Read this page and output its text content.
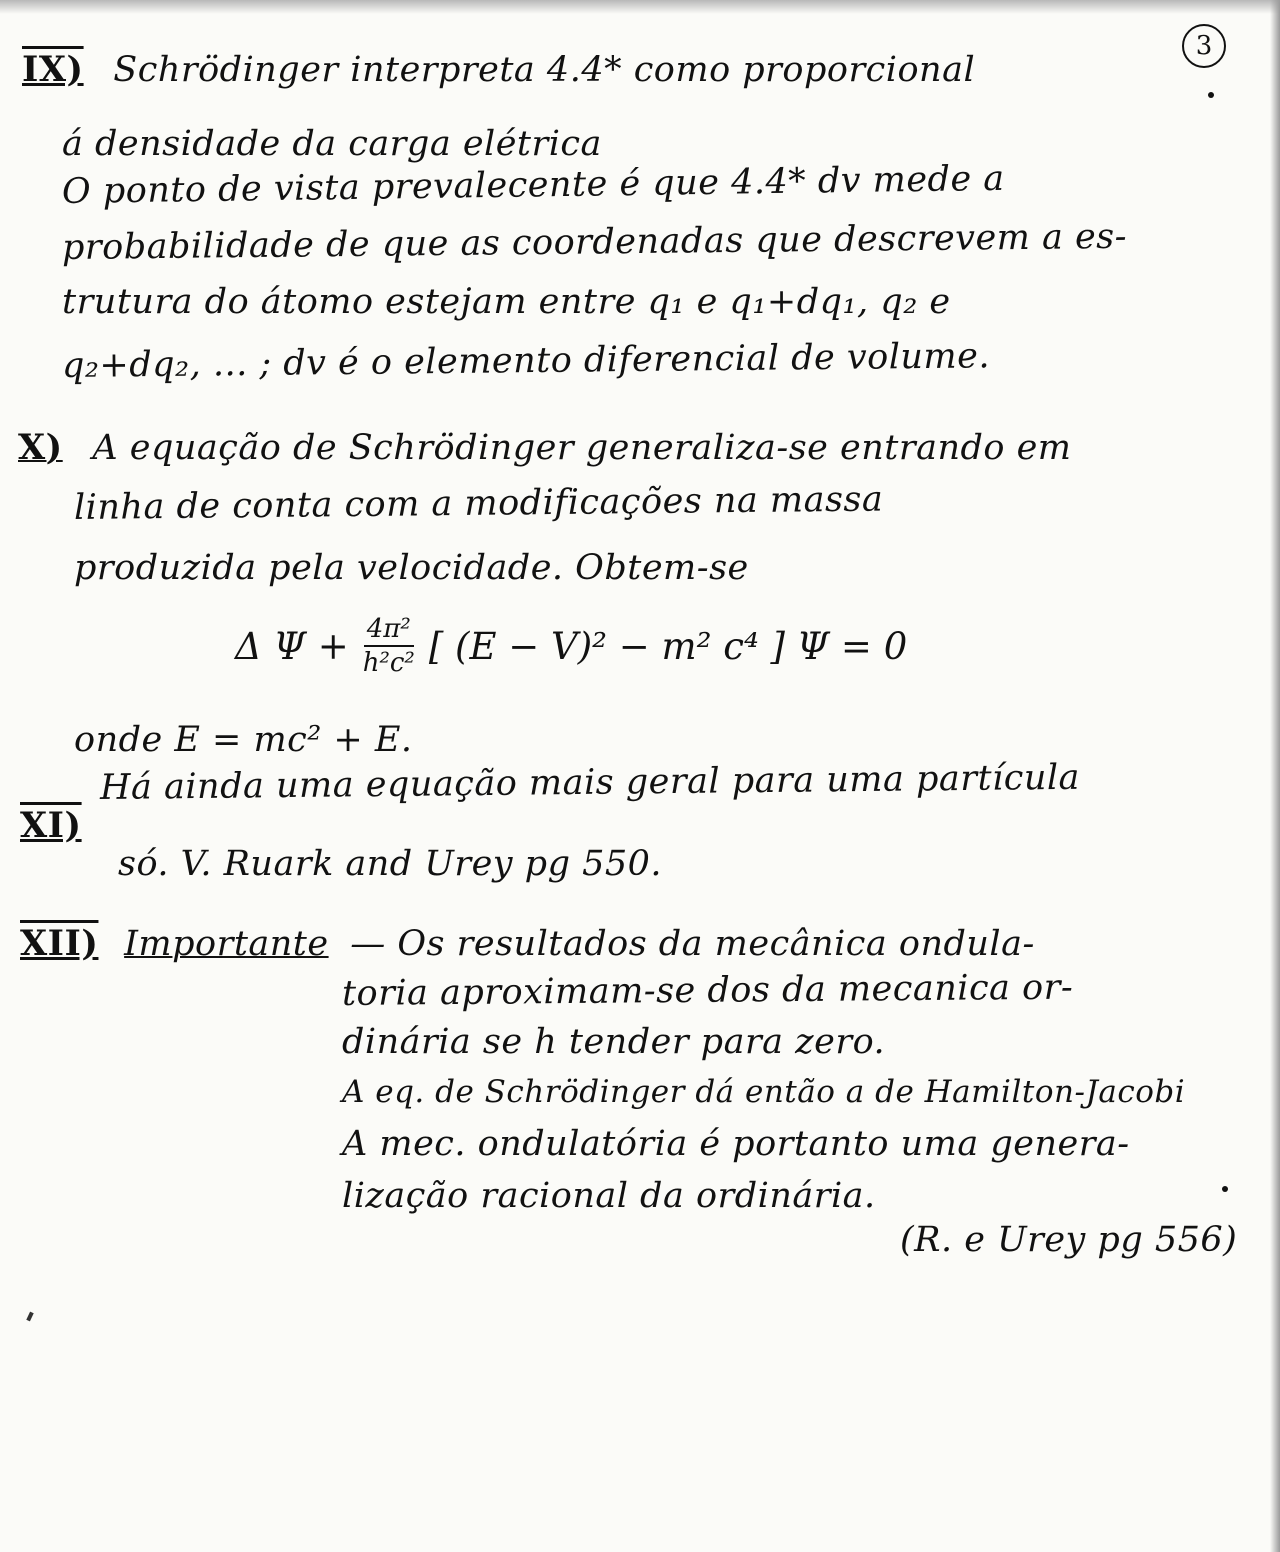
3
IX) Schrödinger interpreta 4.4* como proporcional
á densidade da carga elétrica
O ponto de vista prevalecente é que 4.4* dv mede a
probabilidade de que as coordenadas que descrevem a es-
trutura do átomo estejam entre q₁ e q₁+dq₁, q₂ e
q₂+dq₂, ... ; dv é o elemento diferencial de volume.
X) A equação de Schrödinger generaliza-se entrando em
linha de conta com a modificações na massa
produzida pela velocidade. Obtem-se
Δ $\Psi + \frac{\text{4π²}}{\text{h²c²}}$ [ (E − V)² − m² c⁴ ] Ψ = 0
onde E = mc² + E.
Há ainda uma equação mais geral para uma partícula
XI)
só. V. Ruark and Urey pg 550.
XII) Importante — Os resultados da mecânica ondula-
toria aproximam-se dos da mecanica or-
dinária se h tender para zero.
A eq. de Schrödinger dá então a de Hamilton-Jacobi
A mec. ondulatória é portanto uma genera-
lização racional da ordinária.
(R. e Urey pg 556)
